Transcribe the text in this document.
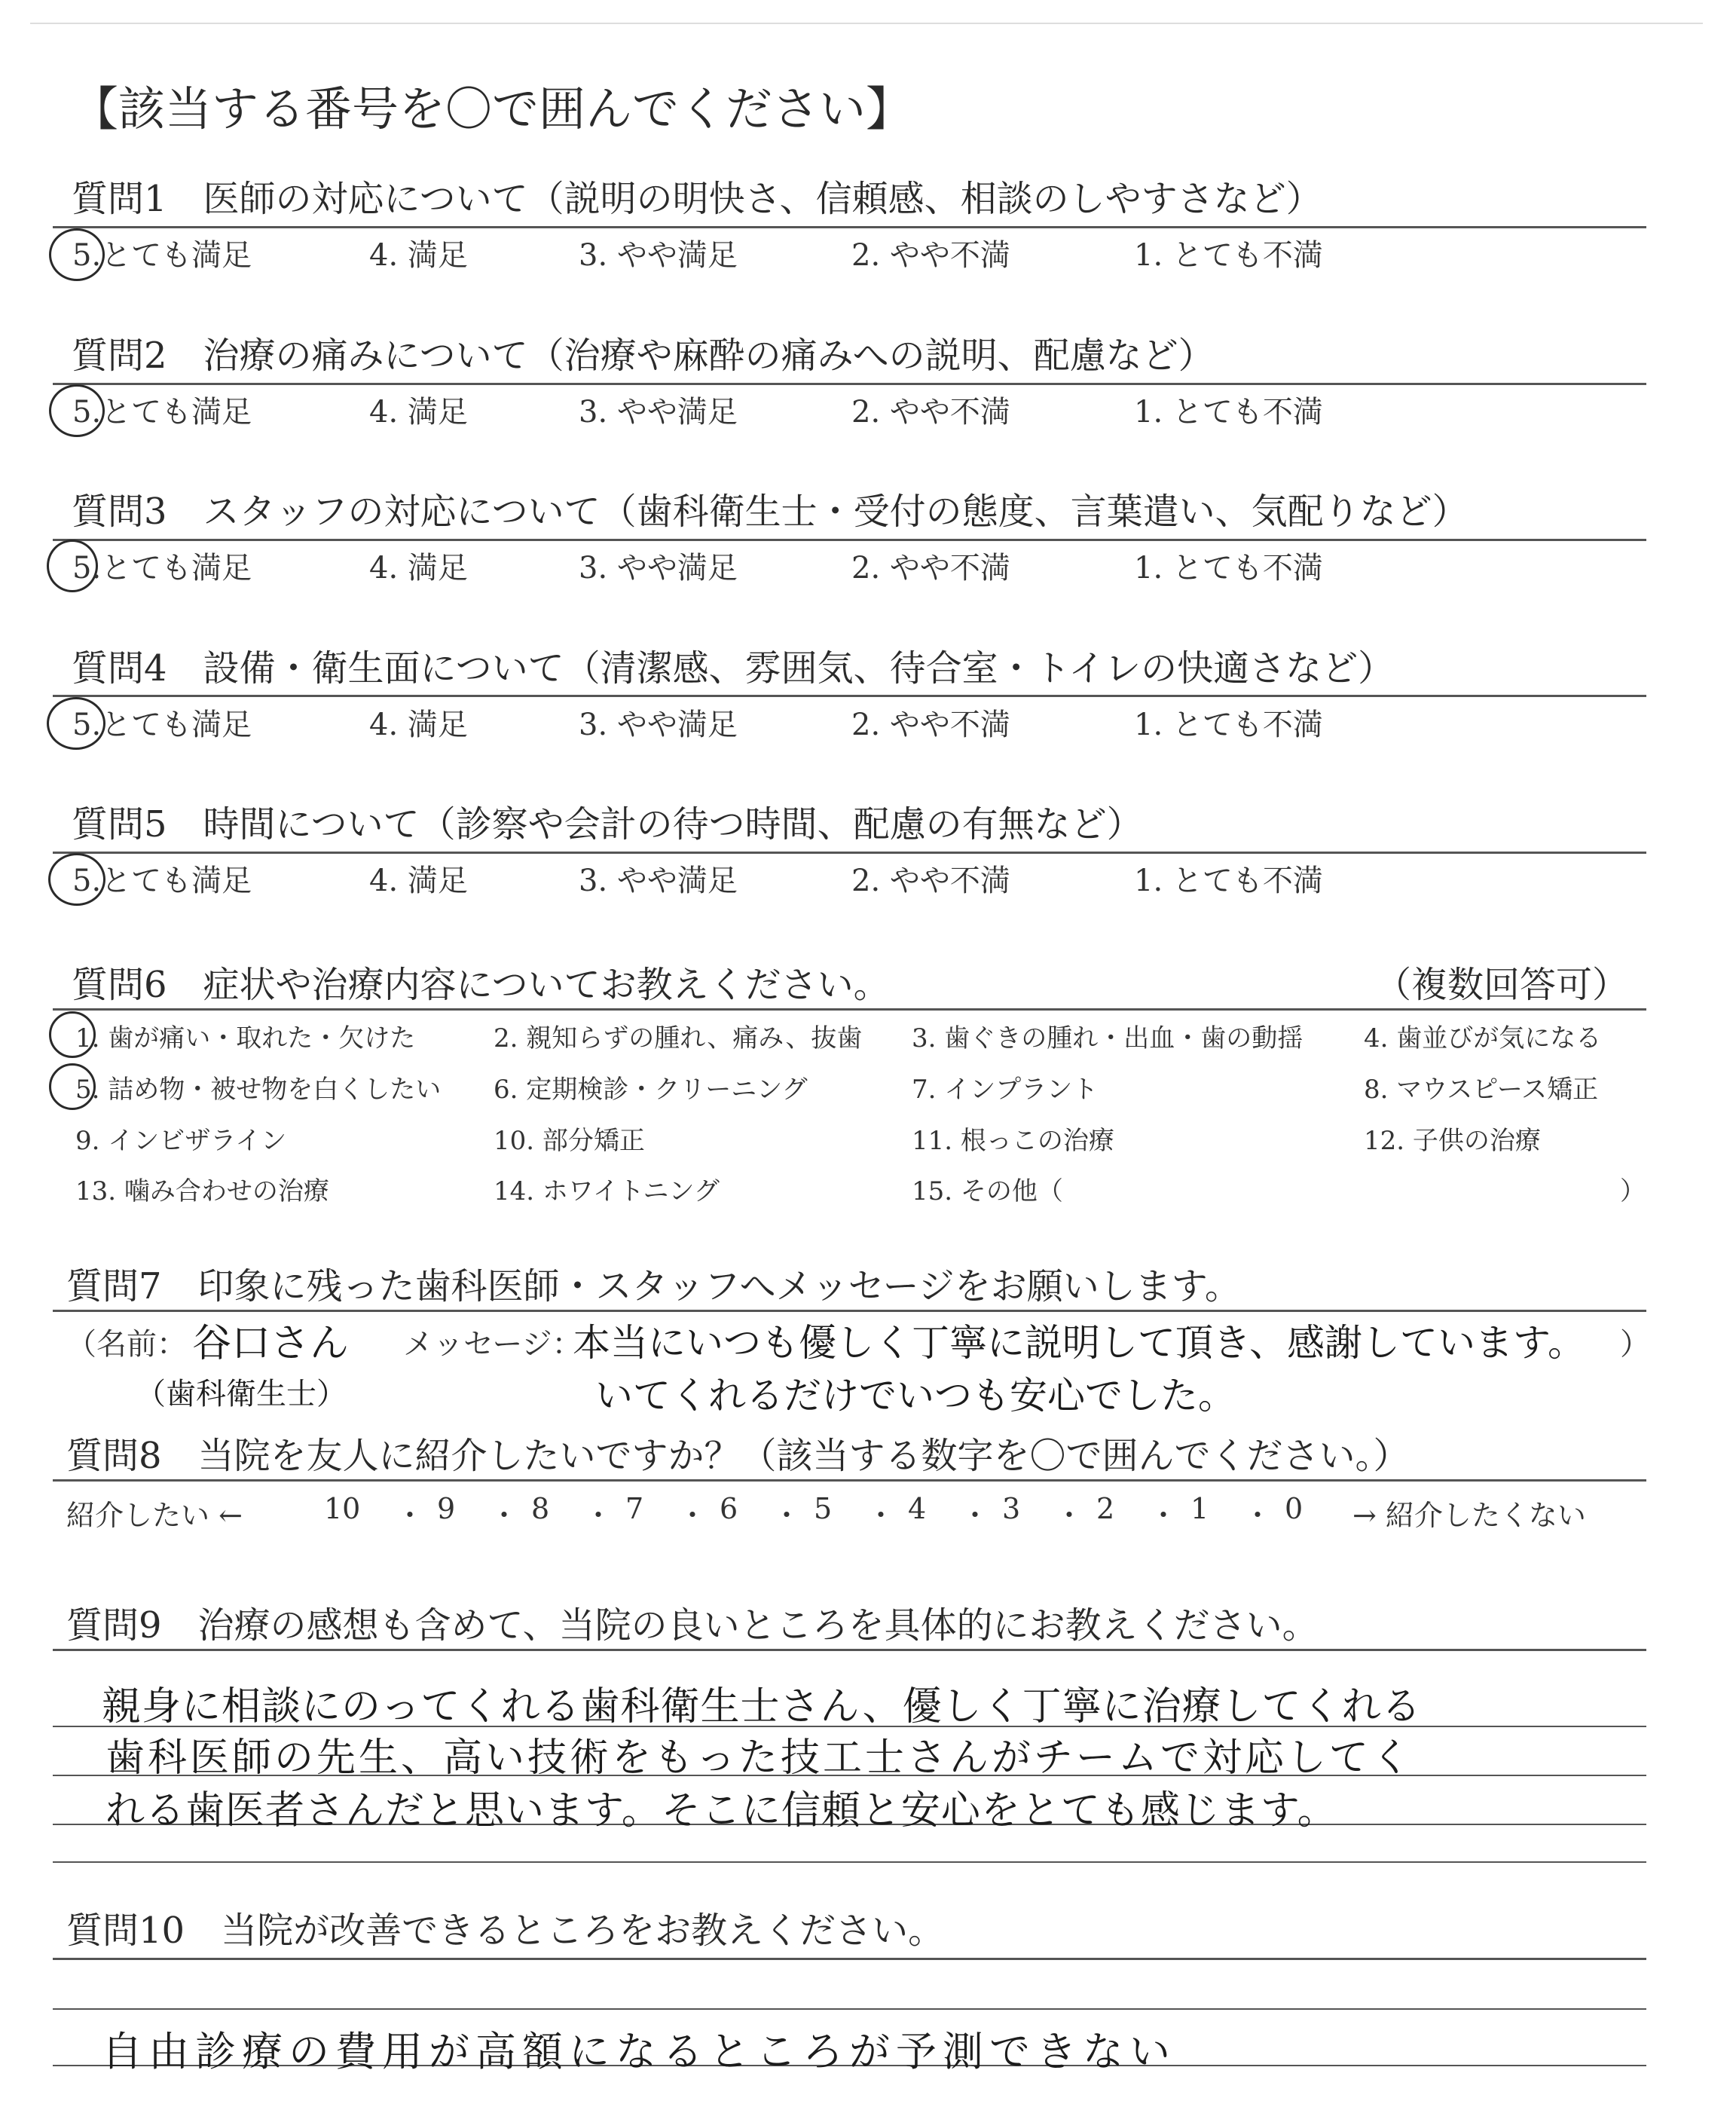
【該当する番号を〇で囲んでください】
質問1　医師の対応について（説明の明快さ、信頼感、相談のしやすさなど）
5.とても満足	4. 満足	3. やや満足	2. やや不満	1. とても不満
質問2　治療の痛みについて（治療や麻酔の痛みへの説明、配慮など）
5.とても満足	4. 満足	3. やや満足	2. やや不満	1. とても不満
質問3　スタッフの対応について（歯科衛生士・受付の態度、言葉遣い、気配りなど）
5.とても満足	4. 満足	3. やや満足	2. やや不満	1. とても不満
質問4　設備・衛生面について（清潔感、雰囲気、待合室・トイレの快適さなど）
5.とても満足	4. 満足	3. やや満足	2. やや不満	1. とても不満
質問5　時間について（診察や会計の待つ時間、配慮の有無など）
5.とても満足	4. 満足	3. やや満足	2. やや不満	1. とても不満
質問6　症状や治療内容についてお教えください。	（複数回答可）
1. 歯が痛い・取れた・欠けた	2. 親知らずの腫れ、痛み、抜歯 3. 歯ぐきの腫れ・出血・歯の動揺 4. 歯並びが気になる
5. 詰め物・被せ物を白くしたい 6. 定期検診・クリーニング	7. インプラント	8. マウスピース矯正
9. インビザライン	10. 部分矯正	11. 根っこの治療	12. 子供の治療
13. 噛み合わせの治療	14. ホワイトニング	15. その他（	）
質問7　印象に残った歯科医師・スタッフへメッセージをお願いします。
（名前： 谷口さん
（歯科衛生士）
メッセージ：
本当にいつも優しく丁寧に説明して頂き、感謝しています。
いてくれるだけでいつも安心でした。
）
質問8　当院を友人に紹介したいですか？（該当する数字を〇で囲んでください。）
紹介したい ←	10 ・ 9 ・ 8 ・ 7 ・ 6 ・ 5 ・ 4 ・ 3 ・ 2 ・ 1 ・ 0 → 紹介したくない
質問9　治療の感想も含めて、当院の良いところを具体的にお教えください。
親身に相談にのってくれる歯科衛生士さん、優しく丁寧に治療してくれる
歯科医師の先生、高い技術をもった技工士さんがチームで対応してく
れる歯医者さんだと思います。そこに信頼と安心をとても感じます。
質問10　当院が改善できるところをお教えください。
自由診療の費用が高額になるところが予測できない
